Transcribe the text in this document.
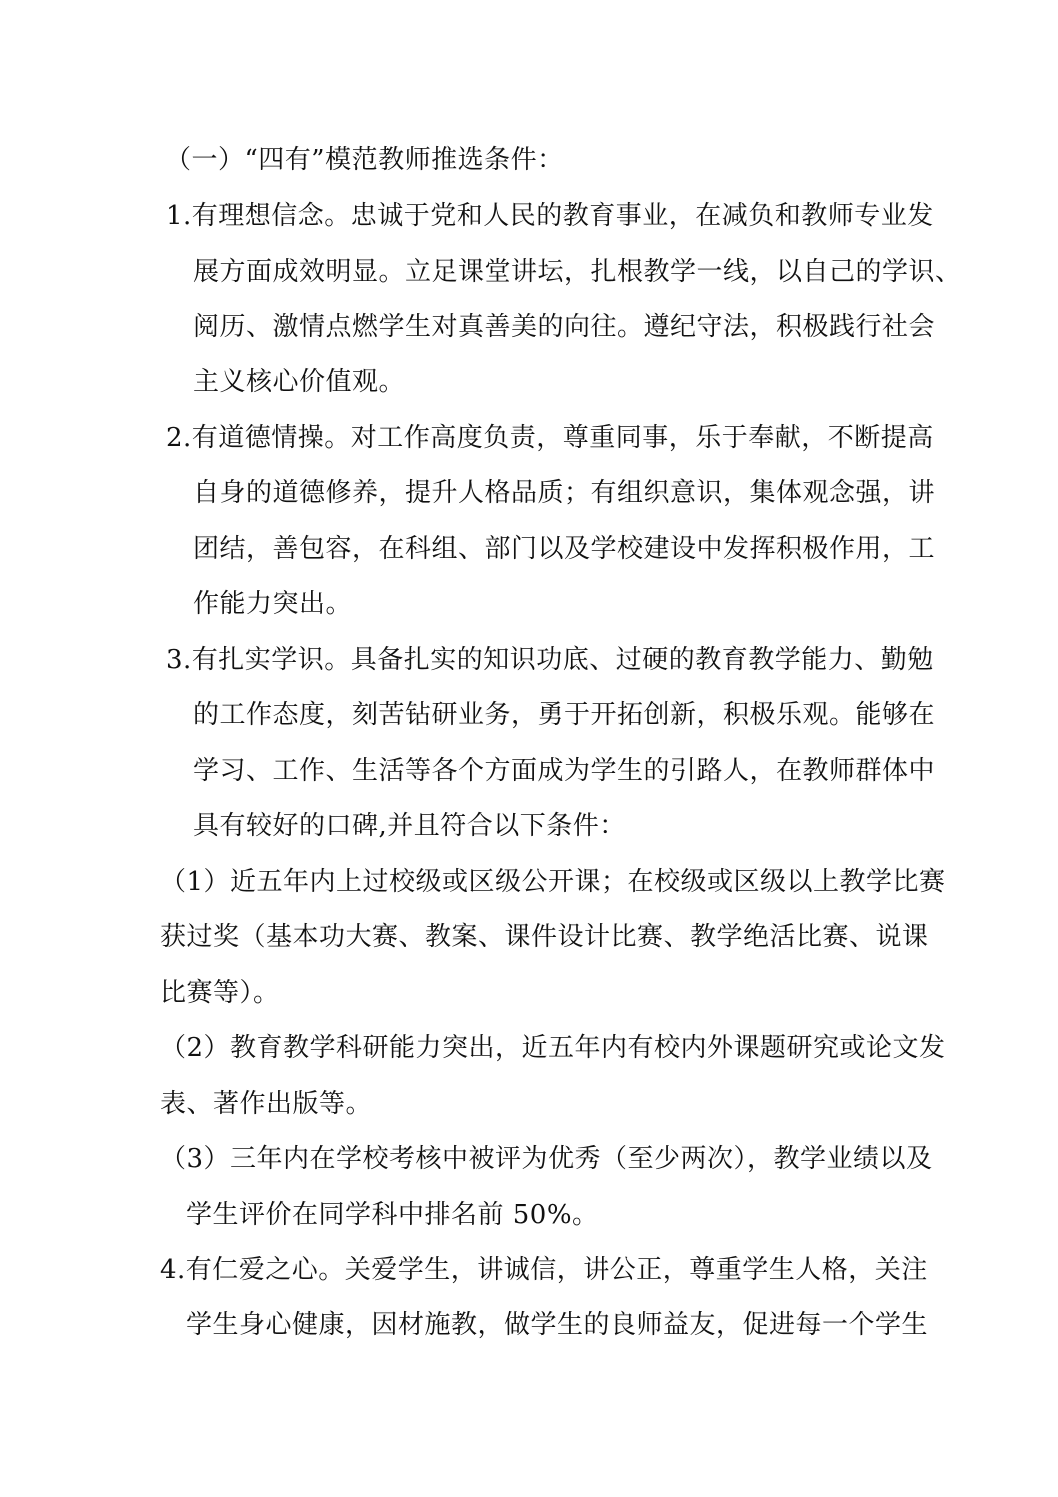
（一）“四有”模范教师推选条件：
1.有理想信念。忠诚于党和人民的教育事业，在减负和教师专业发
展方面成效明显。立足课堂讲坛，扎根教学一线，以自己的学识、
阅历、激情点燃学生对真善美的向往。遵纪守法，积极践行社会
主义核心价值观。
2.有道德情操。对工作高度负责，尊重同事，乐于奉献，不断提高
自身的道德修养，提升人格品质；有组织意识，集体观念强，讲
团结，善包容，在科组、部门以及学校建设中发挥积极作用，工
作能力突出。
3.有扎实学识。具备扎实的知识功底、过硬的教育教学能力、勤勉
的工作态度，刻苦钻研业务，勇于开拓创新，积极乐观。能够在
学习、工作、生活等各个方面成为学生的引路人，在教师群体中
具有较好的口碑,并且符合以下条件：
（1）近五年内上过校级或区级公开课；在校级或区级以上教学比赛
获过奖（基本功大赛、教案、课件设计比赛、教学绝活比赛、说课
比赛等）。
（2）教育教学科研能力突出，近五年内有校内外课题研究或论文发
表、著作出版等。
（3）三年内在学校考核中被评为优秀（至少两次），教学业绩以及
学生评价在同学科中排名前 50%。
4.有仁爱之心。关爱学生，讲诚信，讲公正，尊重学生人格，关注
学生身心健康，因材施教，做学生的良师益友，促进每一个学生
